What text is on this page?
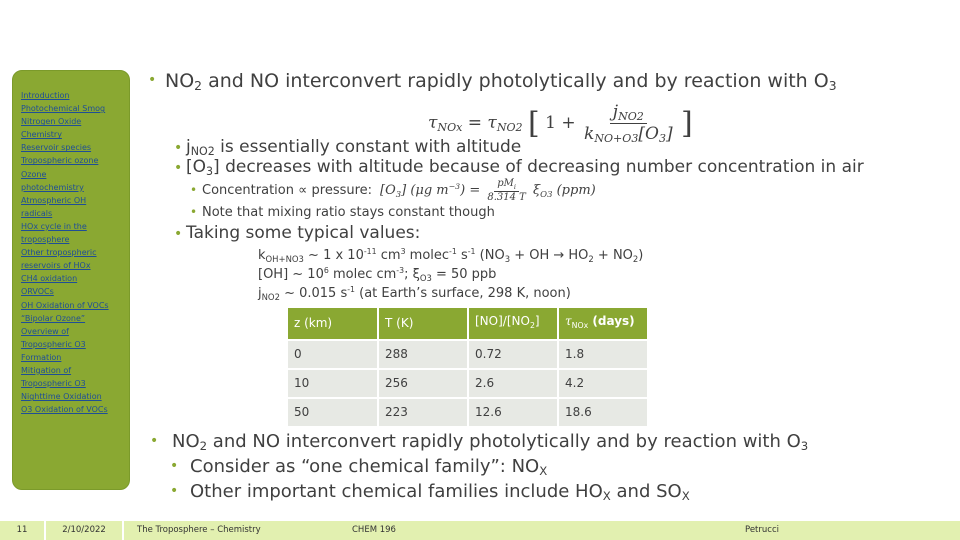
Introduction
Photochemical Smog
Nitrogen Oxide
Chemistry
Reservoir species
Tropospheric ozone
Ozone
photochemistry
Atmospheric OH
radicals
HOx cycle in the
troposphere
Other tropospheric
reservoirs of HOx
CH4 oxidation
ORVOCs
OH Oxidation of VOCs
“Bipolar Ozone”
Overview of
Tropospheric O3
Formation
Mitigation of
Tropospheric O3
Nighttime Oxidation
O3 Oxidation of VOCs
• $NO_2$ and NO interconvert rapidly photolytically and by reaction with $O_3$
$\tau_{NOx} = \tau_{NO2}$ [ $1 + \frac{j_{NO2}}{k_{NO+O3}[O_3]}$ ]
• $j_{NO2}$ is essentially constant with altitude
• $[O_3]$ decreases with altitude because of decreasing number concentration in air
• Concentration ∝ pressure: $[O_3]$ (μg $m^{-3}) = \frac{pM_i}{8.314 T} \xi_{O3}$ (ppm)
• Note that mixing ratio stays constant though
• Taking some typical values:
$k_{OH+NO3}$ ~ 1 x $10^{-11}$ $cm^3$ molec$^{-1}$ $s^{-1}$ ($NO_3$ + OH → $HO_2 + NO_2$)
[OH] ~ $10^6$ molec $cm^{-3}$; $\xi_{O3} = 50$ ppb
$j_{NO2}$ ~ 0.015 $s^{-1}$ (at Earth’s surface, 298 K, noon)
z (km)	T (K)	$[NO]/[NO_2]$	$\tau_{NOx}$ (days)
0	288	0.72	1.8
10	256	2.6	4.2
50	223	12.6	18.6
• $NO_2$ and NO interconvert rapidly photolytically and by reaction with $O_3$
• Consider as “one chemical family”: $NO_X$
• Other important chemical families include $HO_X$ and $SO_X$
11	2/10/2022	The Troposphere – Chemistry	CHEM 196	Petrucci
